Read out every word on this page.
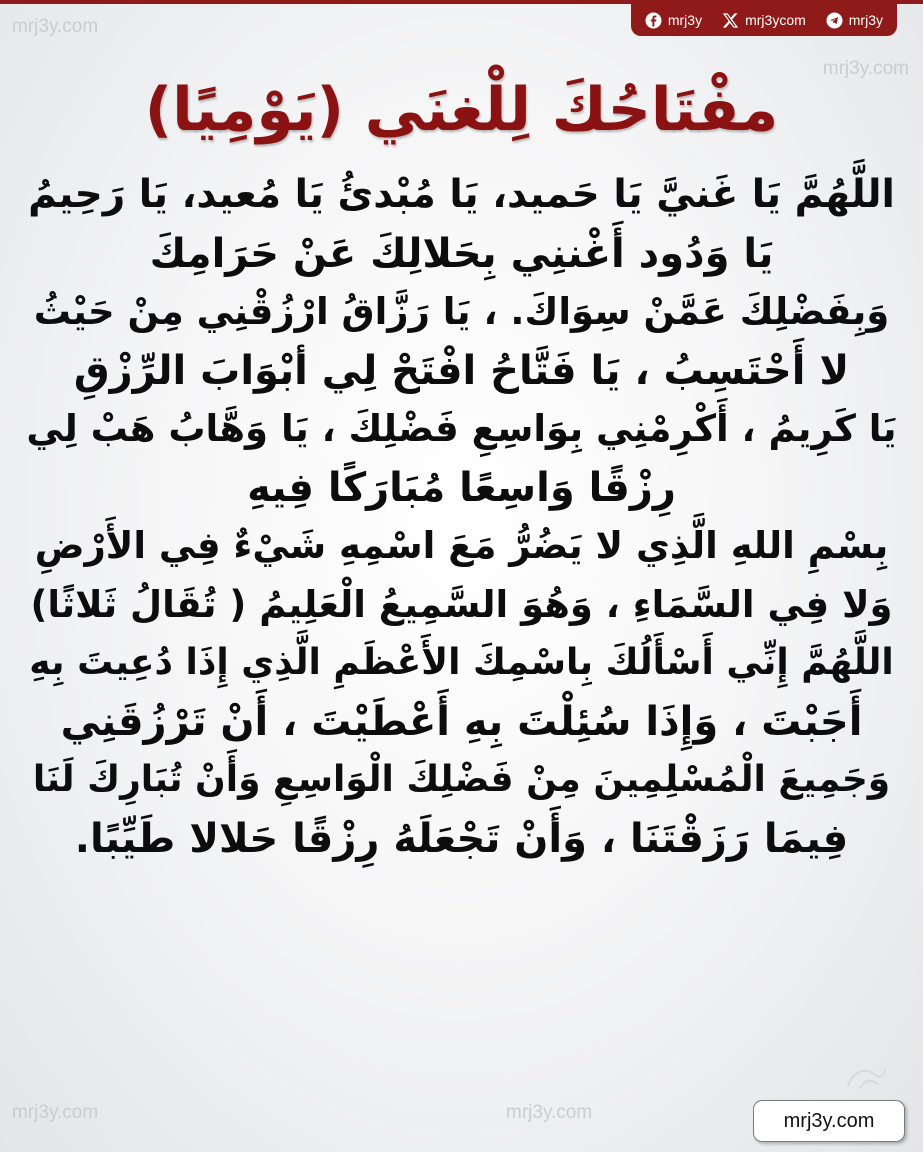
mrj3y	mrj3ycom	mrj3y
mrj3y.com
mrj3y.com
mrj3y.com	mrj3y.com
مفْتَاحُكَ لِلْغنَي (يَوْمِيًا)
اللَّهُمَّ يَا غَنيَّ يَا حَميد، يَا مُبْدئُ يَا مُعيد، يَا رَحِيمُ
يَا وَدُود أَغْننِي بِحَلالِكَ عَنْ حَرَامِكَ
وَبِفَضْلِكَ عَمَّنْ سِوَاكَ. ، يَا رَزَّاقُ ارْزُقْنِي مِنْ حَيْثُ
لا أَحْتَسِبُ ، يَا فَتَّاحُ افْتَحْ لِي أبْوَابَ الرِّزْقِ
يَا كَرِيمُ ، أَكْرِمْنِي بِوَاسِعِ فَضْلِكَ ، يَا وَهَّابُ هَبْ لِي
رِزْقًا وَاسِعًا مُبَارَكًا فِيهِ
بِسْمِ اللهِ الَّذِي لا يَضُرُّ مَعَ اسْمِهِ شَيْءٌ فِي الأَرْضِ
وَلا فِي السَّمَاءِ ، وَهُوَ السَّمِيعُ الْعَلِيمُ ( تُقَالُ ثَلاثًا)
اللَّهُمَّ إِنِّي أَسْأَلُكَ بِاسْمِكَ الأَعْظَمِ الَّذِي إِذَا دُعِيتَ بِهِ
أَجَبْتَ ، وَإِذَا سُئِلْتَ بِهِ أَعْطَيْتَ ، أَنْ تَرْزُقَنِي
وَجَمِيعَ الْمُسْلِمِينَ مِنْ فَضْلِكَ الْوَاسِعِ وَأَنْ تُبَارِكَ لَنَا
فِيمَا رَزَقْتَنَا ، وَأَنْ تَجْعَلَهُ رِزْقًا حَلالا طَيِّبًا.
mrj3y.com
